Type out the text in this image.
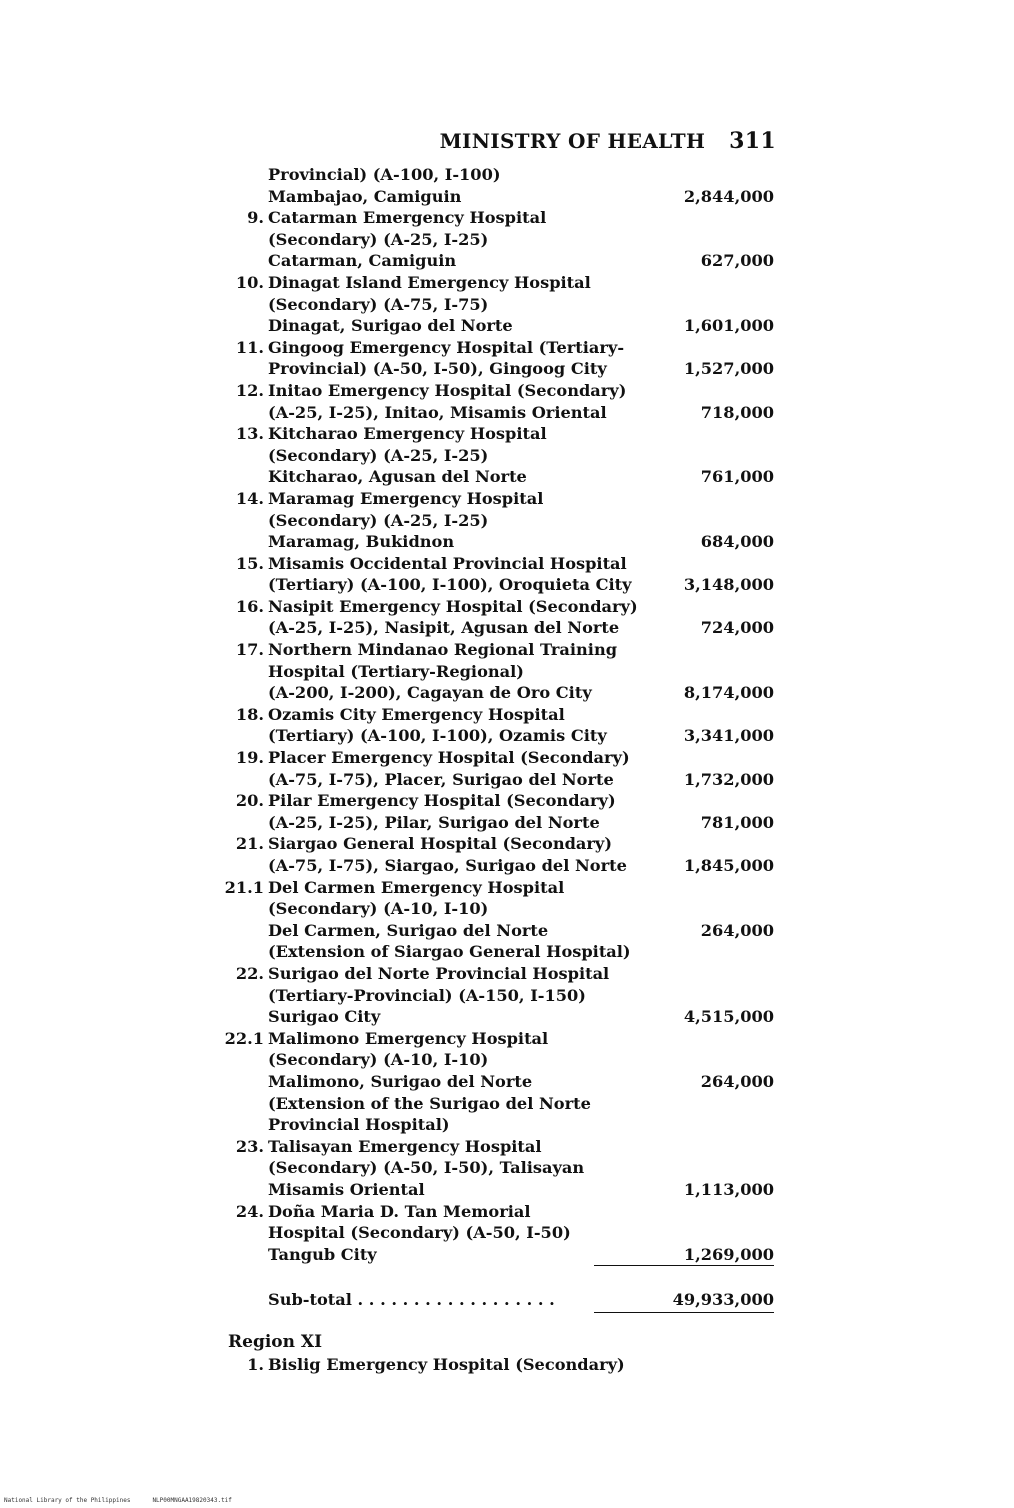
MINISTRY OF HEALTH 311
Provincial) (A-100, I-100)
Mambajao, Camiguin	2,844,000
9. Catarman Emergency Hospital
(Secondary) (A-25, I-25)
Catarman, Camiguin	627,000
10. Dinagat Island Emergency Hospital
(Secondary) (A-75, I-75)
Dinagat, Surigao del Norte	1,601,000
11. Gingoog Emergency Hospital (Tertiary-
Provincial) (A-50, I-50), Gingoog City	1,527,000
12. Initao Emergency Hospital (Secondary)
(A-25, I-25), Initao, Misamis Oriental	718,000
13. Kitcharao Emergency Hospital
(Secondary) (A-25, I-25)
Kitcharao, Agusan del Norte	761,000
14. Maramag Emergency Hospital
(Secondary) (A-25, I-25)
Maramag, Bukidnon	684,000
15. Misamis Occidental Provincial Hospital
(Tertiary) (A-100, I-100), Oroquieta City	3,148,000
16. Nasipit Emergency Hospital (Secondary)
(A-25, I-25), Nasipit, Agusan del Norte	724,000
17. Northern Mindanao Regional Training
Hospital (Tertiary-Regional)
(A-200, I-200), Cagayan de Oro City	8,174,000
18. Ozamis City Emergency Hospital
(Tertiary) (A-100, I-100), Ozamis City	3,341,000
19. Placer Emergency Hospital (Secondary)
(A-75, I-75), Placer, Surigao del Norte	1,732,000
20. Pilar Emergency Hospital (Secondary)
(A-25, I-25), Pilar, Surigao del Norte	781,000
21. Siargao General Hospital (Secondary)
(A-75, I-75), Siargao, Surigao del Norte	1,845,000
21.1 Del Carmen Emergency Hospital
(Secondary) (A-10, I-10)
Del Carmen, Surigao del Norte	264,000
(Extension of Siargao General Hospital)
22. Surigao del Norte Provincial Hospital
(Tertiary-Provincial) (A-150, I-150)
Surigao City	4,515,000
22.1 Malimono Emergency Hospital
(Secondary) (A-10, I-10)
Malimono, Surigao del Norte	264,000
(Extension of the Surigao del Norte
Provincial Hospital)
23. Talisayan Emergency Hospital
(Secondary) (A-50, I-50), Talisayan
Misamis Oriental	1,113,000
24. Doña Maria D. Tan Memorial
Hospital (Secondary) (A-50, I-50)
Tangub City	1,269,000
Sub-total . . . . . . . . . . . . . . . . . .	49,933,000
Region XI
1. Bislig Emergency Hospital (Secondary)
National Library of the Philippines	NLP00MNGAA19820343.tif
